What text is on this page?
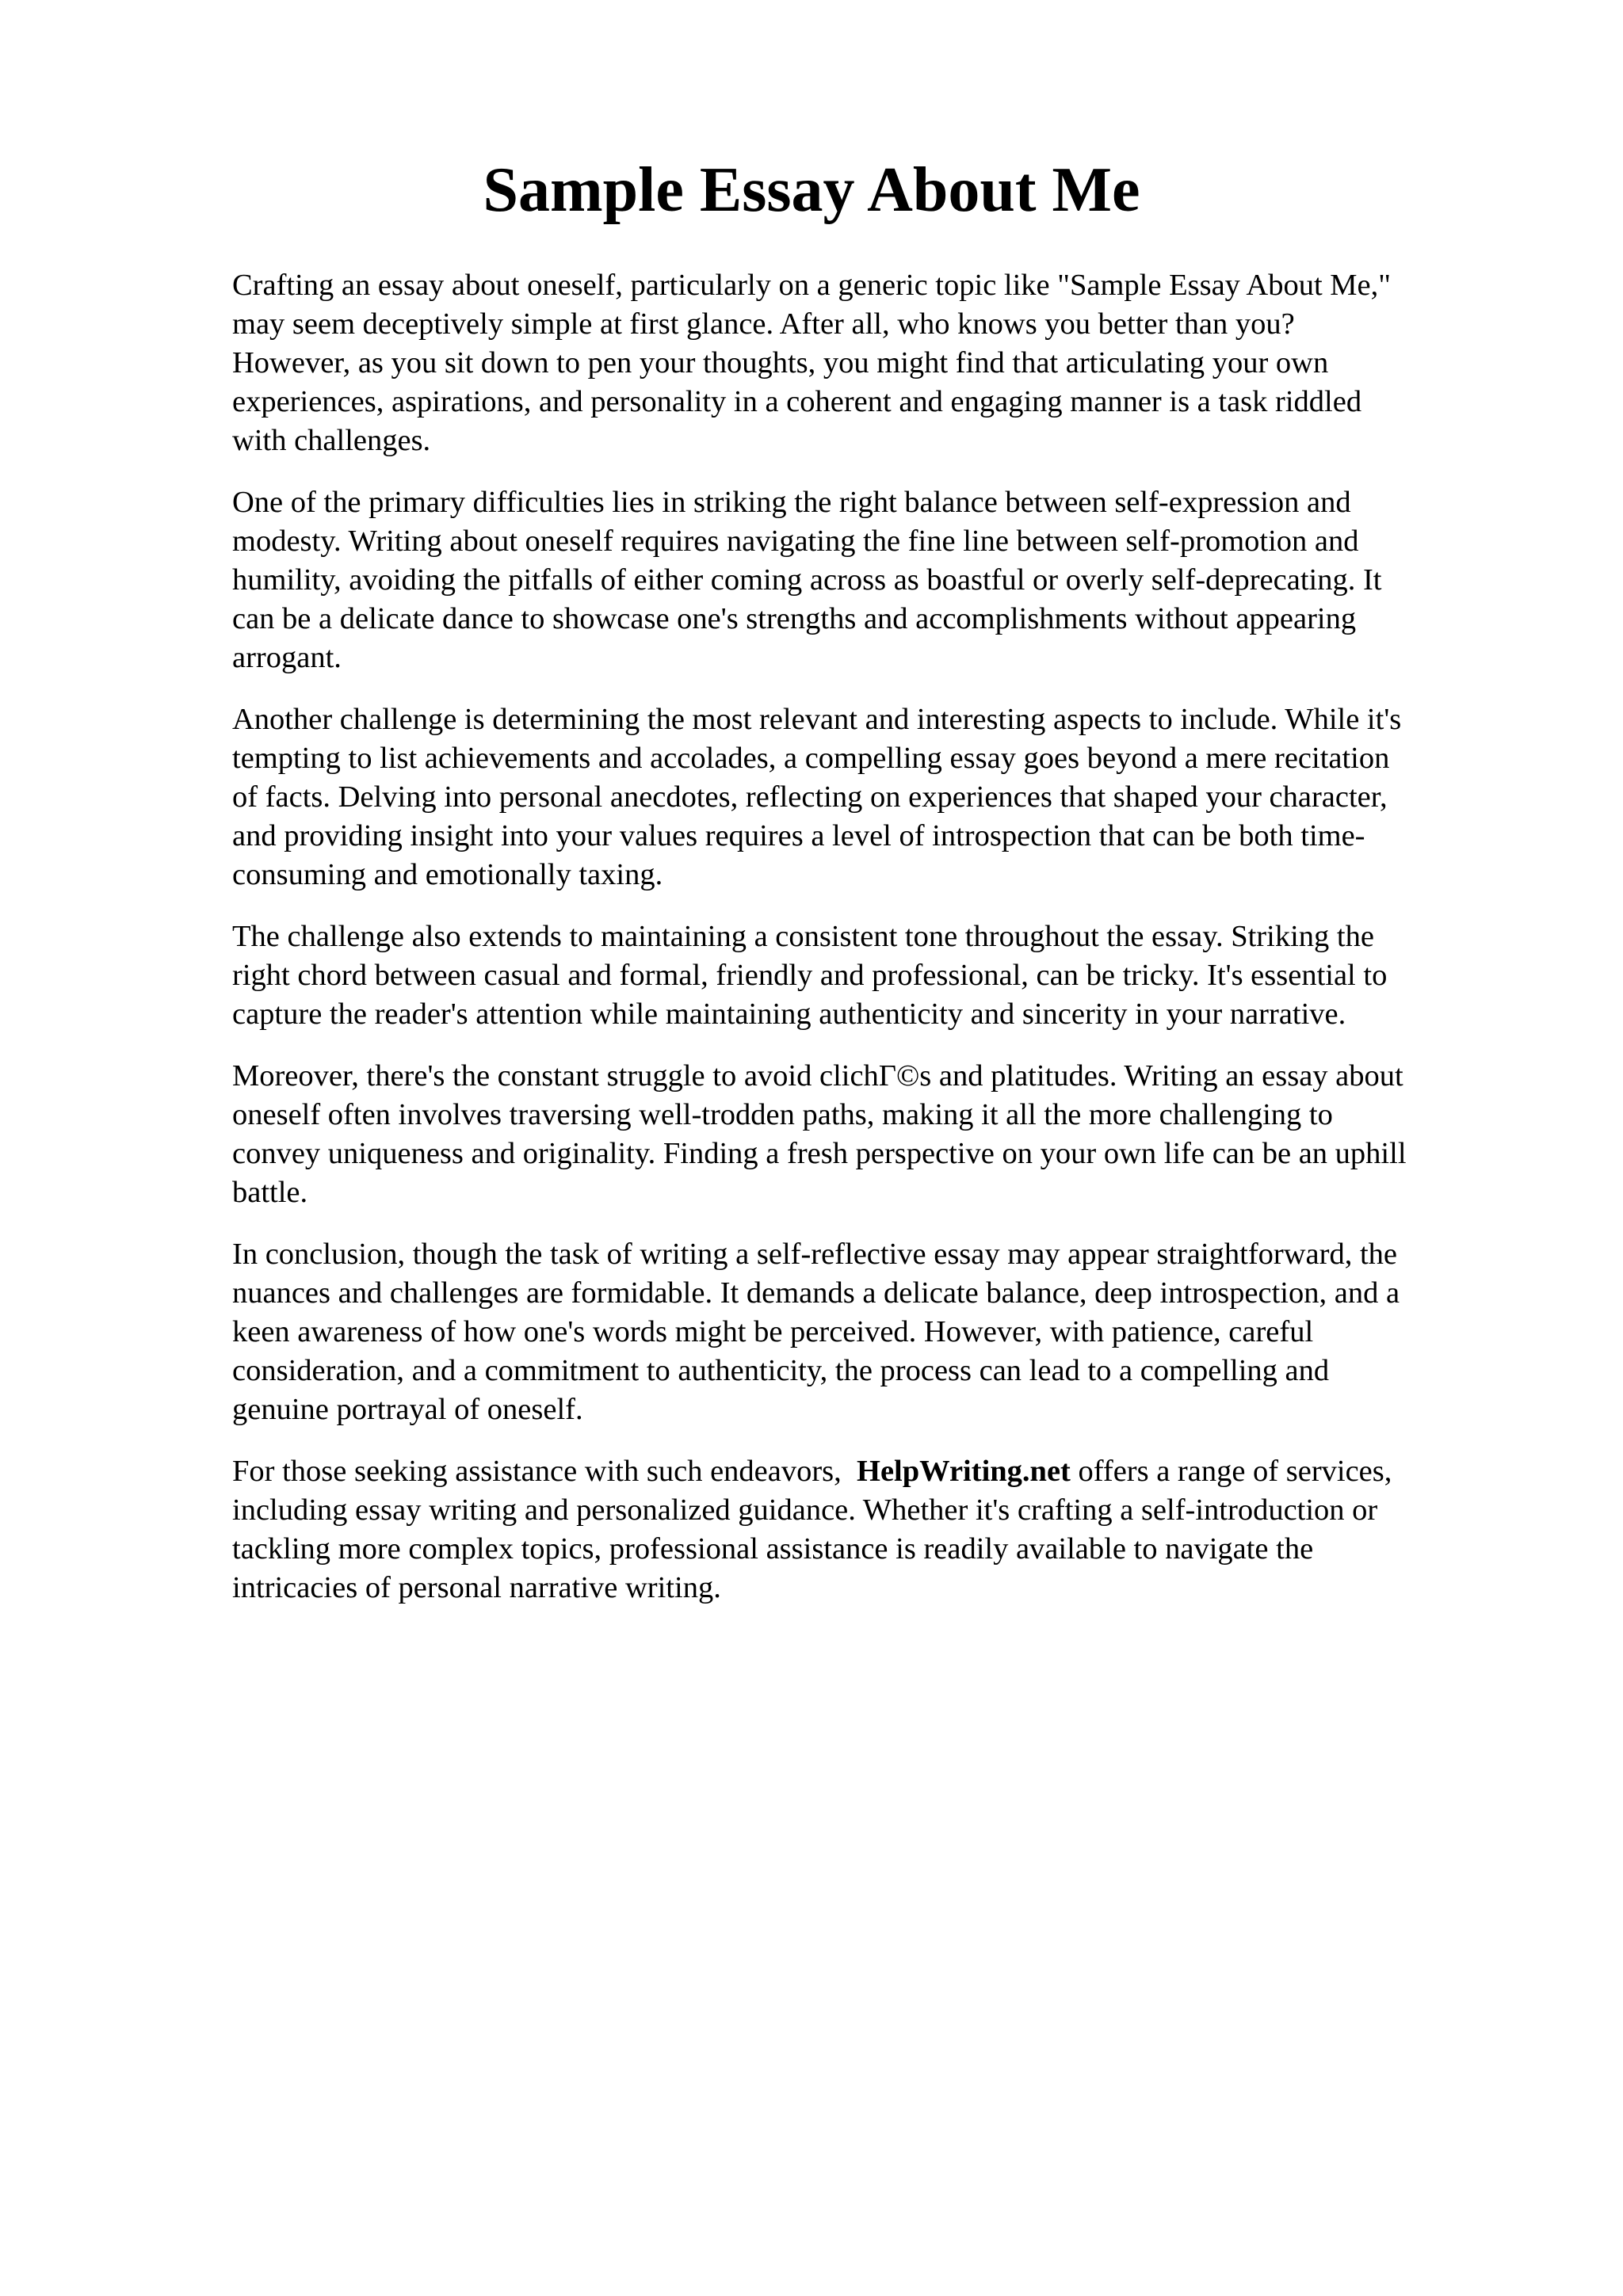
Sample Essay About Me

Crafting an essay about oneself, particularly on a generic topic like "Sample Essay About Me,"
may seem deceptively simple at first glance. After all, who knows you better than you?
However, as you sit down to pen your thoughts, you might find that articulating your own
experiences, aspirations, and personality in a coherent and engaging manner is a task riddled
with challenges.

One of the primary difficulties lies in striking the right balance between self-expression and
modesty. Writing about oneself requires navigating the fine line between self-promotion and
humility, avoiding the pitfalls of either coming across as boastful or overly self-deprecating. It
can be a delicate dance to showcase one's strengths and accomplishments without appearing
arrogant.

Another challenge is determining the most relevant and interesting aspects to include. While it's
tempting to list achievements and accolades, a compelling essay goes beyond a mere recitation
of facts. Delving into personal anecdotes, reflecting on experiences that shaped your character,
and providing insight into your values requires a level of introspection that can be both time-
consuming and emotionally taxing.

The challenge also extends to maintaining a consistent tone throughout the essay. Striking the
right chord between casual and formal, friendly and professional, can be tricky. It's essential to
capture the reader's attention while maintaining authenticity and sincerity in your narrative.

Moreover, there's the constant struggle to avoid clichГ©s and platitudes. Writing an essay about
oneself often involves traversing well-trodden paths, making it all the more challenging to
convey uniqueness and originality. Finding a fresh perspective on your own life can be an uphill
battle.

In conclusion, though the task of writing a self-reflective essay may appear straightforward, the
nuances and challenges are formidable. It demands a delicate balance, deep introspection, and a
keen awareness of how one's words might be perceived. However, with patience, careful
consideration, and a commitment to authenticity, the process can lead to a compelling and
genuine portrayal of oneself.

For those seeking assistance with such endeavors, HelpWriting.net offers a range of services,
including essay writing and personalized guidance. Whether it's crafting a self-introduction or
tackling more complex topics, professional assistance is readily available to navigate the
intricacies of personal narrative writing.
